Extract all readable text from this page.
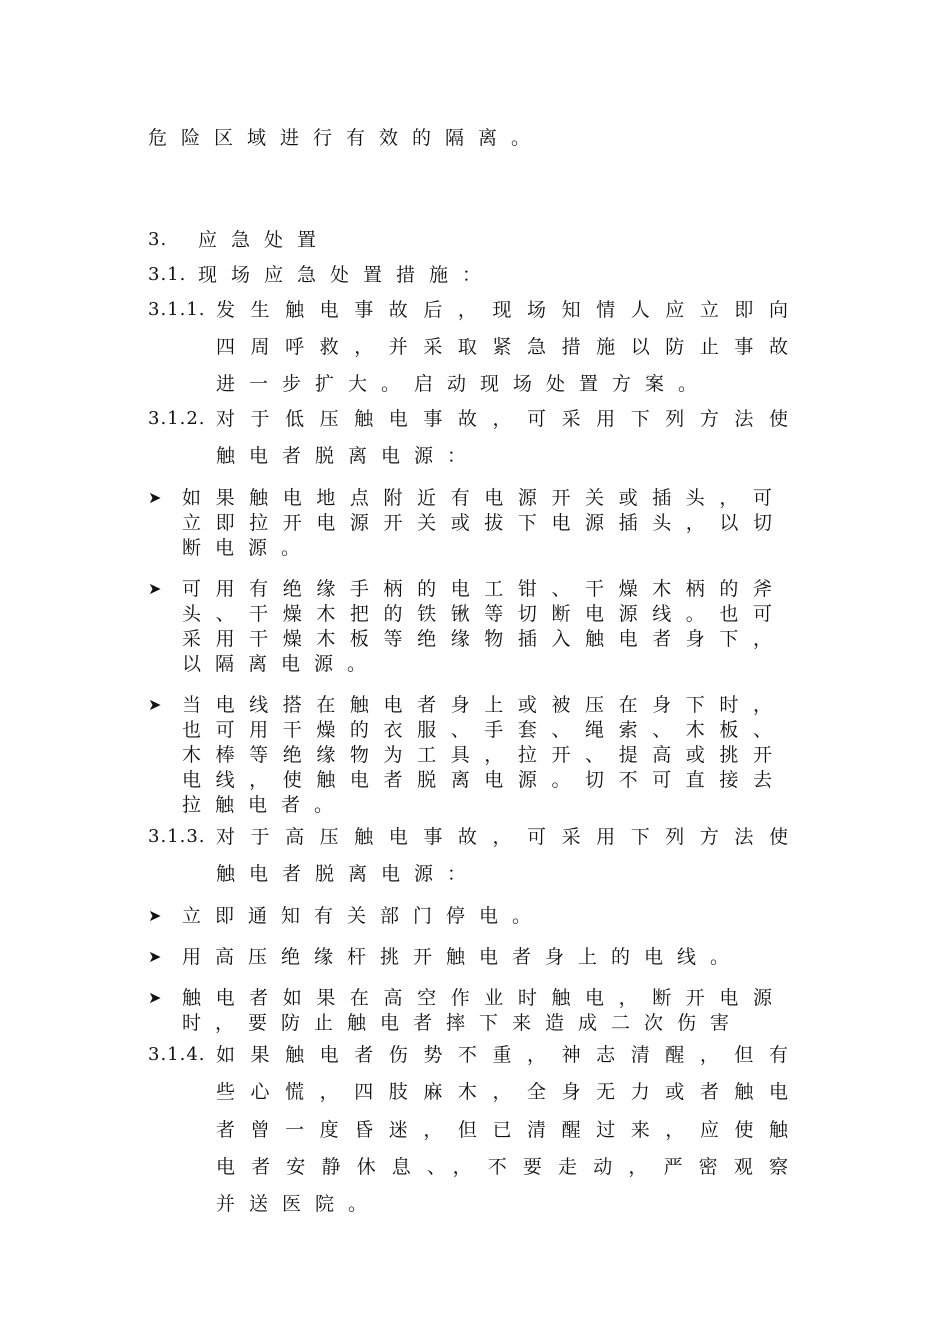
危险区域进行有效的隔离。
3. 应急处置
3.1. 现场应急处置措施：
3.1.1. 发生触电事故后，现场知情人应立即向
四周呼救，并采取紧急措施以防止事故
进一步扩大。启动现场处置方案。
3.1.2. 对于低压触电事故，可采用下列方法使
触电者脱离电源：
➤ 如果触电地点附近有电源开关或插头，可
立即拉开电源开关或拔下电源插头，以切
断电源。
➤ 可用有绝缘手柄的电工钳、干燥木柄的斧
头、干燥木把的铁锹等切断电源线。也可
采用干燥木板等绝缘物插入触电者身下，
以隔离电源。
➤ 当电线搭在触电者身上或被压在身下时，
也可用干燥的衣服、手套、绳索、木板、
木棒等绝缘物为工具，拉开、提高或挑开
电线，使触电者脱离电源。切不可直接去
拉触电者。
3.1.3. 对于高压触电事故，可采用下列方法使
触电者脱离电源：
➤ 立即通知有关部门停电。
➤ 用高压绝缘杆挑开触电者身上的电线。
➤ 触电者如果在高空作业时触电，断开电源
时，要防止触电者摔下来造成二次伤害
3.1.4. 如果触电者伤势不重，神志清醒，但有
些心慌，四肢麻木，全身无力或者触电
者曾一度昏迷，但已清醒过来，应使触
电者安静休息、，不要走动，严密观察
并送医院。
